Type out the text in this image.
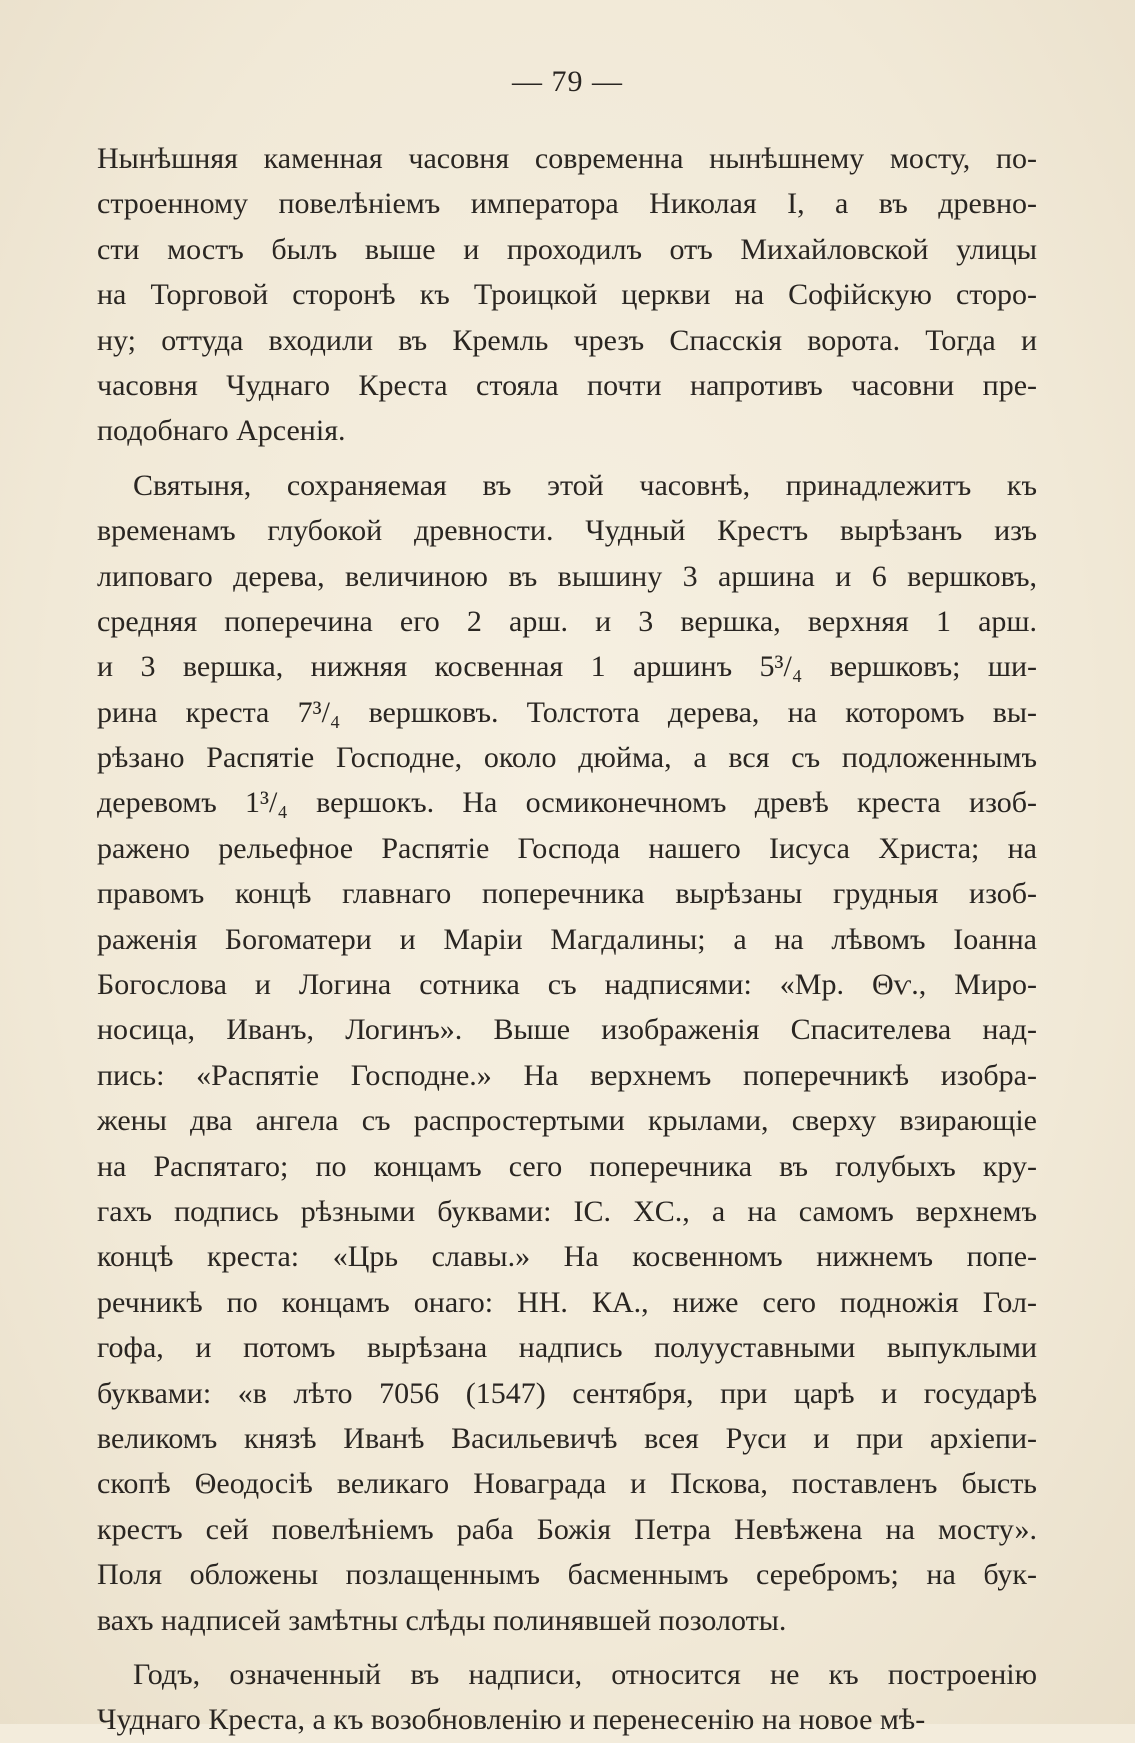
— 79 —
Нынѣшняя каменная часовня современна нынѣшнему мосту, по-
строенному повелѣніемъ императора Николая I, а въ древно-
сти мостъ былъ выше и проходилъ отъ Михайловской улицы
на Торговой сторонѣ къ Троицкой церкви на Софійскую сторо-
ну; оттуда входили въ Кремль чрезъ Спасскія ворота. Тогда и
часовня Чуднаго Креста стояла почти напротивъ часовни пре-
подобнаго Арсенія.
Святыня, сохраняемая въ этой часовнѣ, принадлежитъ къ
временамъ глубокой древности. Чудный Крестъ вырѣзанъ изъ
липоваго дерева, величиною въ вышину 3 аршина и 6 вершковъ,
средняя поперечина его 2 арш. и 3 вершка, верхняя 1 арш.
и 3 вершка, нижняя косвенная 1 аршинъ 5³/₄ вершковъ; ши-
рина креста 7³/₄ вершковъ. Толстота дерева, на которомъ вы-
рѣзано Распятіе Господне, около дюйма, а вся съ подложеннымъ
деревомъ 1³/₄ вершокъ. На осмиконечномъ древѣ креста изоб-
ражено рельефное Распятіе Господа нашего Іисуса Христа; на
правомъ концѣ главнаго поперечника вырѣзаны грудныя изоб-
раженія Богоматери и Маріи Магдалины; а на лѣвомъ Іоанна
Богослова и Логина сотника съ надписями: «Мр. Θѵ., Миро-
носица, Иванъ, Логинъ». Выше изображенія Спасителева над-
пись: «Распятіе Господне.» На верхнемъ поперечникѣ изобра-
жены два ангела съ распростертыми крылами, сверху взирающіе
на Распятаго; по концамъ сего поперечника въ голубыхъ кру-
гахъ подпись рѣзными буквами: IC. XC., а на самомъ верхнемъ
концѣ креста: «Црь славы.» На косвенномъ нижнемъ попе-
речникѣ по концамъ онаго: НН. КА., ниже сего подножія Гол-
гофа, и потомъ вырѣзана надпись полууставными выпуклыми
буквами: «в лѣто 7056 (1547) сентября, при царѣ и государѣ
великомъ князѣ Иванѣ Васильевичѣ всея Руси и при архіепи-
скопѣ Θеодосіѣ великаго Новаграда и Пскова, поставленъ бысть
крестъ сей повелѣніемъ раба Божія Петра Невѣжена на мосту».
Поля обложены позлащеннымъ басменнымъ серебромъ; на бук-
вахъ надписей замѣтны слѣды полинявшей позолоты.
Годъ, означенный въ надписи, относится не къ построенію
Чуднаго Креста, а къ возобновленію и перенесенію на новое мѣ-
